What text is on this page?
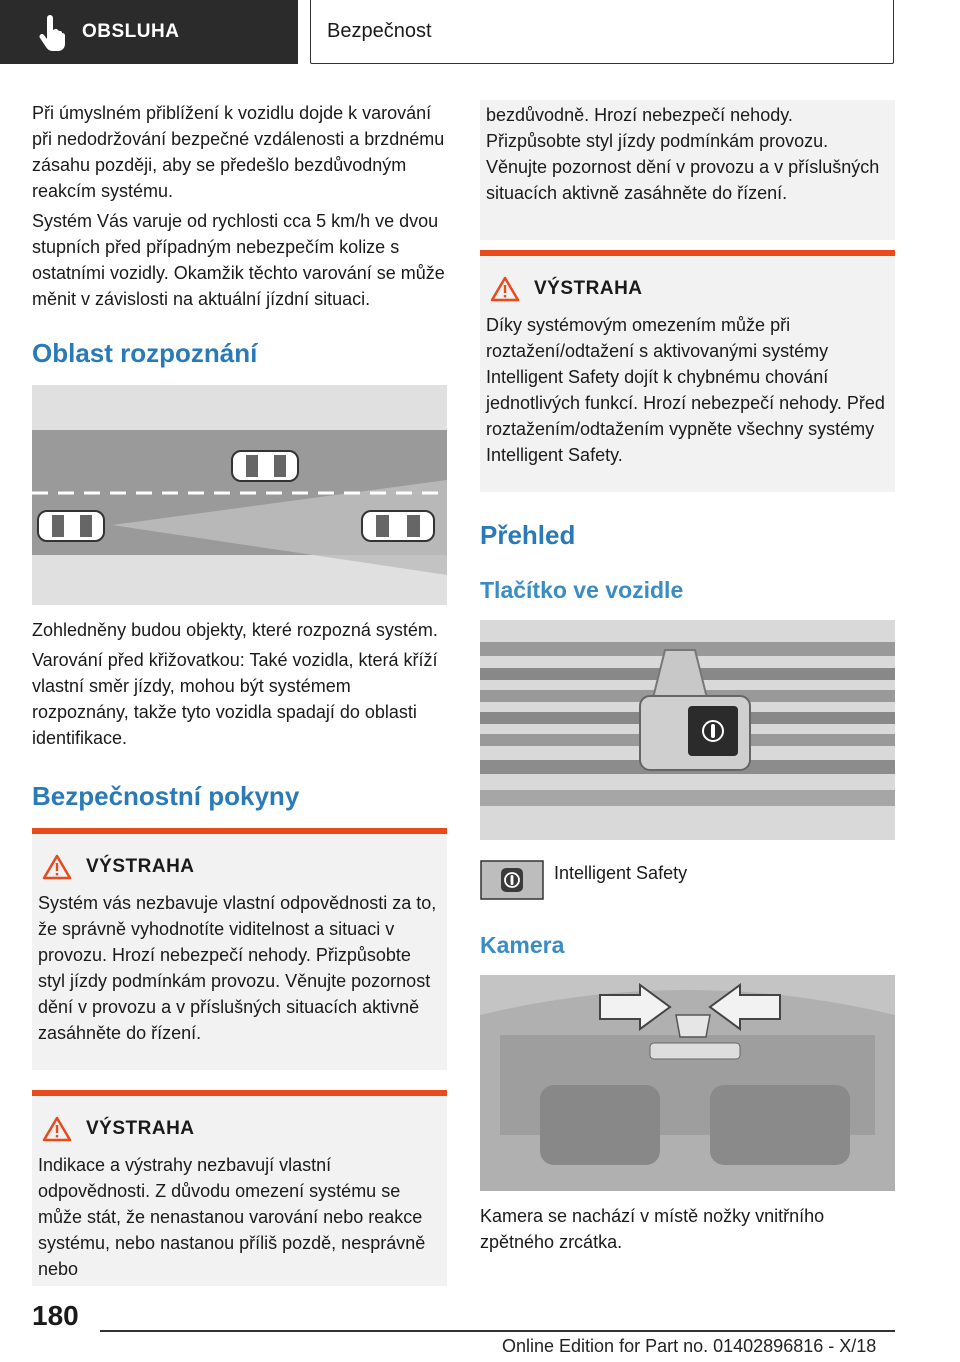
OBSLUHA	Bezpečnost

Při úmyslném přiblížení k vozidlu dojde k varování při nedodržování bezpečné vzdálenosti a brzdnému zásahu později, aby se předešlo bezdůvodným reakcím systému.

Systém Vás varuje od rychlosti cca 5 km/h ve dvou stupních před případným nebezpečím kolize s ostatními vozidly. Okamžik těchto varování se může měnit v závislosti na aktuální jízdní situaci.

Oblast rozpoznání

Zohledněny budou objekty, které rozpozná systém.

Varování před křižovatkou: Také vozidla, která kříží vlastní směr jízdy, mohou být systémem rozpoznány, takže tyto vozidla spadají do oblasti identifikace.

Bezpečnostní pokyny
VÝSTRAHA

Systém vás nezbavuje vlastní odpovědnosti za to, že správně vyhodnotíte viditelnost a situaci v provozu. Hrozí nebezpečí nehody. Přizpůsobte styl jízdy podmínkám provozu. Věnujte pozornost dění v provozu a v příslušných situacích aktivně zasáhněte do řízení.

VÝSTRAHA

Indikace a výstrahy nezbavují vlastní odpovědnosti. Z důvodu omezení systému se může stát, že nenastanou varování nebo reakce systému, nebo nastanou příliš pozdě, nesprávně nebo

bezdůvodně. Hrozí nebezpečí nehody. Přizpůsobte styl jízdy podmínkám provozu. Věnujte pozornost dění v provozu a v příslušných situacích aktivně zasáhněte do řízení.

VÝSTRAHA

Díky systémovým omezením může při roztažení/odtažení s aktivovanými systémy Intelligent Safety dojít k chybnému chování jednotlivých funkcí. Hrozí nebezpečí nehody. Před roztažením/odtažením vypněte všechny systémy Intelligent Safety.

Přehled
Tlačítko ve vozidle

Intelligent Safety

Kamera

Kamera se nachází v místě nožky vnitřního zpětného zrcátka.

180
Online Edition for Part no. 01402896816 - X/18
